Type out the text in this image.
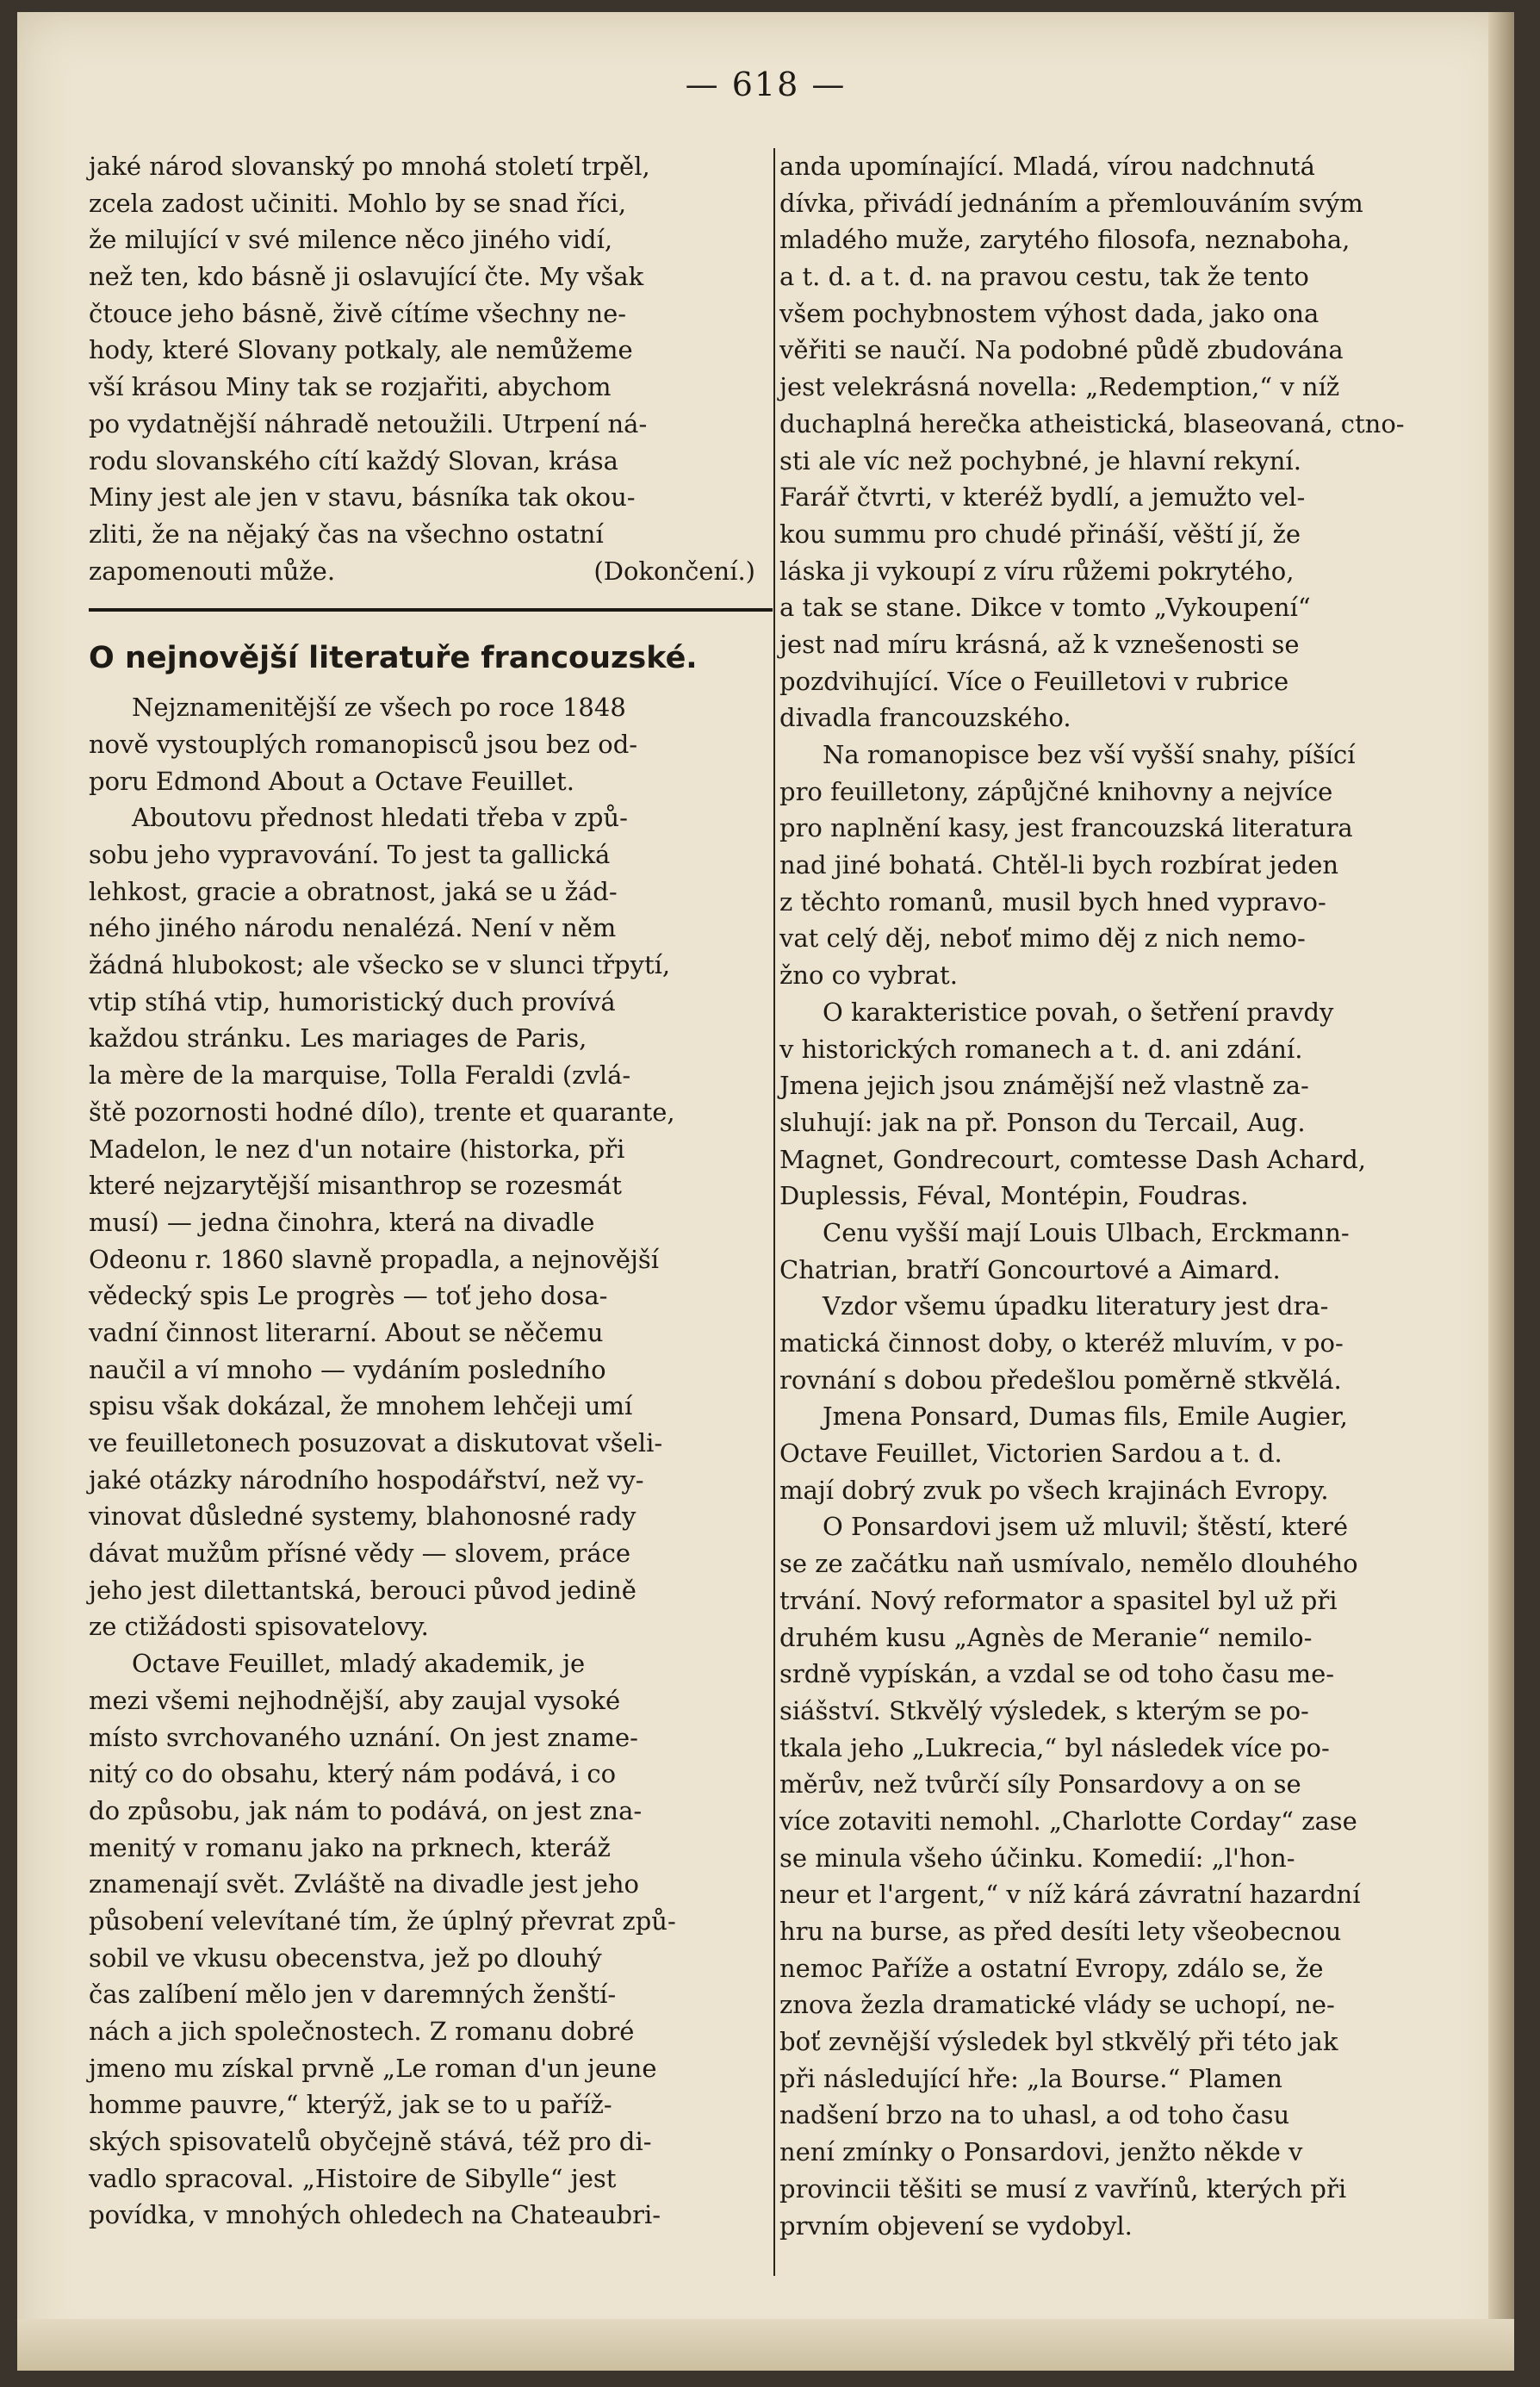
— 618 —
jaké národ slovanský po mnohá století trpěl,
zcela zadost učiniti. Mohlo by se snad říci,
že milující v své milence něco jiného vidí,
než ten, kdo básně ji oslavující čte. My však
čtouce jeho básně, živě cítíme všechny ne-
hody, které Slovany potkaly, ale nemůžeme
vší krásou Miny tak se rozjařiti, abychom
po vydatnější náhradě netoužili. Utrpení ná-
rodu slovanského cítí každý Slovan, krása
Miny jest ale jen v stavu, básníka tak okou-
zliti, že na nějaký čas na všechno ostatní
zapomenouti může.	(Dokončení.)
O nejnovější literatuře francouzské.
Nejznamenitější ze všech po roce 1848
nově vystouplých romanopisců jsou bez od-
poru Edmond About a Octave Feuillet.
Aboutovu přednost hledati třeba v způ-
sobu jeho vypravování. To jest ta gallická
lehkost, gracie a obratnost, jaká se u žád-
ného jiného národu nenalézá. Není v něm
žádná hlubokost; ale všecko se v slunci třpytí,
vtip stíhá vtip, humoristický duch provívá
každou stránku. Les mariages de Paris,
la mère de la marquise, Tolla Feraldi (zvlá-
ště pozornosti hodné dílo), trente et quarante,
Madelon, le nez d'un notaire (historka, při
které nejzarytější misanthrop se rozesmát
musí) — jedna činohra, která na divadle
Odeonu r. 1860 slavně propadla, a nejnovější
vědecký spis Le progrès — toť jeho dosa-
vadní činnost literarní. About se něčemu
naučil a ví mnoho — vydáním posledního
spisu však dokázal, že mnohem lehčeji umí
ve feuilletonech posuzovat a diskutovat všeli-
jaké otázky národního hospodářství, než vy-
vinovat důsledné systemy, blahonosné rady
dávat mužům přísné vědy — slovem, práce
jeho jest dilettantská, berouci původ jedině
ze ctižádosti spisovatelovy.
Octave Feuillet, mladý akademik, je
mezi všemi nejhodnější, aby zaujal vysoké
místo svrchovaného uznání. On jest zname-
nitý co do obsahu, který nám podává, i co
do způsobu, jak nám to podává, on jest zna-
menitý v romanu jako na prknech, kteráž
znamenají svět. Zvláště na divadle jest jeho
působení velevítané tím, že úplný převrat způ-
sobil ve vkusu obecenstva, jež po dlouhý
čas zalíbení mělo jen v daremných ženští-
nách a jich společnostech. Z romanu dobré
jmeno mu získal prvně „Le roman d'un jeune
homme pauvre,“ kterýž, jak se to u paříž-
ských spisovatelů obyčejně stává, též pro di-
vadlo spracoval. „Histoire de Sibylle“ jest
povídka, v mnohých ohledech na Chateaubri-
anda upomínající. Mladá, vírou nadchnutá
dívka, přivádí jednáním a přemlouváním svým
mladého muže, zarytého filosofa, neznaboha,
a t. d. a t. d. na pravou cestu, tak že tento
všem pochybnostem výhost dada, jako ona
věřiti se naučí. Na podobné půdě zbudována
jest velekrásná novella: „Redemption,“ v níž
duchaplná herečka atheistická, blaseovaná, ctno-
sti ale víc než pochybné, je hlavní rekyní.
Farář čtvrti, v kteréž bydlí, a jemužto vel-
kou summu pro chudé přináší, věští jí, že
láska ji vykoupí z víru růžemi pokrytého,
a tak se stane. Dikce v tomto „Vykoupení“
jest nad míru krásná, až k vznešenosti se
pozdvihující. Více o Feuilletovi v rubrice
divadla francouzského.
Na romanopisce bez vší vyšší snahy, píšící
pro feuilletony, zápůjčné knihovny a nejvíce
pro naplnění kasy, jest francouzská literatura
nad jiné bohatá. Chtěl-li bych rozbírat jeden
z těchto romanů, musil bych hned vypravo-
vat celý děj, neboť mimo děj z nich nemo-
žno co vybrat.
O karakteristice povah, o šetření pravdy
v historických romanech a t. d. ani zdání.
Jmena jejich jsou známější než vlastně za-
sluhují: jak na př. Ponson du Tercail, Aug.
Magnet, Gondrecourt, comtesse Dash Achard,
Duplessis, Féval, Montépin, Foudras.
Cenu vyšší mají Louis Ulbach, Erckmann-
Chatrian, bratří Goncourtové a Aimard.
Vzdor všemu úpadku literatury jest dra-
matická činnost doby, o kteréž mluvím, v po-
rovnání s dobou předešlou poměrně stkvělá.
Jmena Ponsard, Dumas fils, Emile Augier,
Octave Feuillet, Victorien Sardou a t. d.
mají dobrý zvuk po všech krajinách Evropy.
O Ponsardovi jsem už mluvil; štěstí, které
se ze začátku naň usmívalo, nemělo dlouhého
trvání. Nový reformator a spasitel byl už při
druhém kusu „Agnès de Meranie“ nemilo-
srdně vypískán, a vzdal se od toho času me-
siášství. Stkvělý výsledek, s kterým se po-
tkala jeho „Lukrecia,“ byl následek více po-
měrův, než tvůrčí síly Ponsardovy a on se
více zotaviti nemohl. „Charlotte Corday“ zase
se minula všeho účinku. Komedií: „l'hon-
neur et l'argent,“ v níž kárá závratní hazardní
hru na burse, as před desíti lety všeobecnou
nemoc Paříže a ostatní Evropy, zdálo se, že
znova žezla dramatické vlády se uchopí, ne-
boť zevnější výsledek byl stkvělý při této jak
při následující hře: „la Bourse.“ Plamen
nadšení brzo na to uhasl, a od toho času
není zmínky o Ponsardovi, jenžto někde v
provincii těšiti se musí z vavřínů, kterých při
prvním objevení se vydobyl.
